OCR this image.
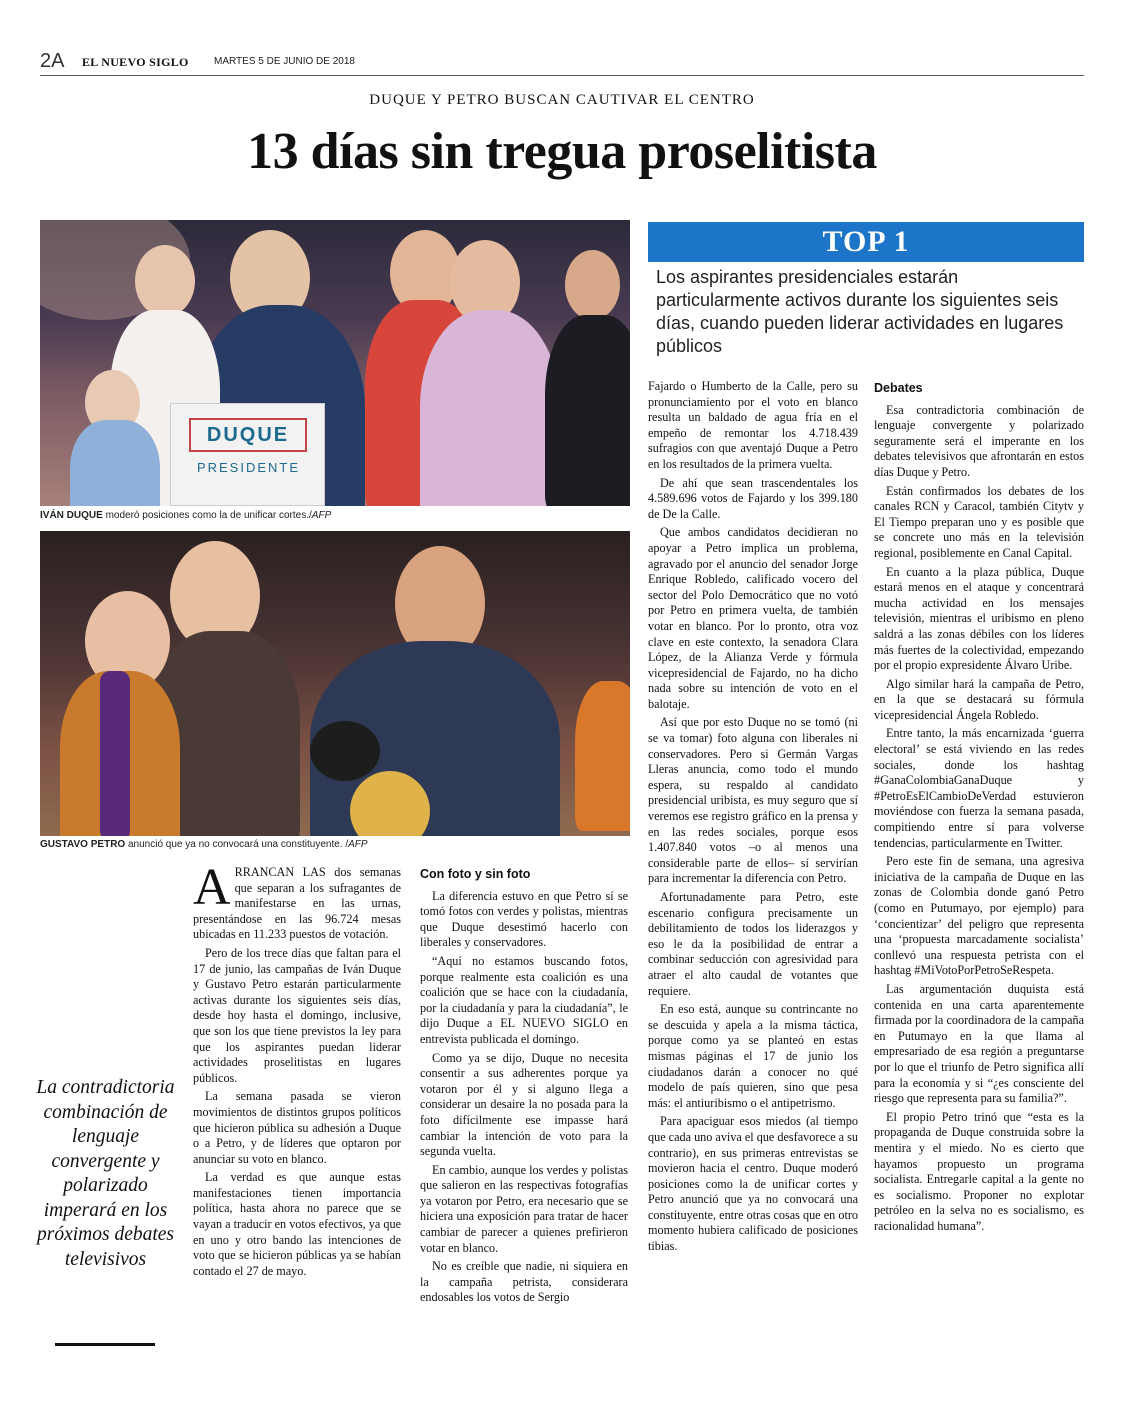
2A EL NUEVO SIGLO	MARTES 5 DE JUNIO DE 2018
DUQUE Y PETRO BUSCAN CAUTIVAR EL CENTRO
13 días sin tregua proselitista
DUQUE
PRESIDENTE
IVÁN DUQUE moderó posiciones como la de unificar cortes./AFP
GUSTAVO PETRO anunció que ya no convocará una constituyente. /AFP
TOP 1
Los aspirantes presidenciales estarán particularmente activos durante los siguientes seis días, cuando pueden liderar actividades en lugares públicos
La contradictoria combinación de lenguaje convergente y polarizado imperará en los próximos debates televisivos

ARRANCAN LAS dos semanas que separan a los sufragantes de manifestarse en las urnas, presentándose en las 96.724 mesas ubicadas en 11.233 puestos de votación.

Pero de los trece días que faltan para el 17 de junio, las campañas de Iván Duque y Gustavo Petro estarán particularmente activas durante los siguientes seis días, desde hoy hasta el domingo, inclusive, que son los que tiene previstos la ley para que los aspirantes puedan liderar actividades proselitistas en lugares públicos.

La semana pasada se vieron movimientos de distintos grupos políticos que hicieron pública su adhesión a Duque o a Petro, y de líderes que optaron por anunciar su voto en blanco.

La verdad es que aunque estas manifestaciones tienen importancia política, hasta ahora no parece que se vayan a traducir en votos efectivos, ya que en uno y otro bando las intenciones de voto que se hicieron públicas ya se habían contado el 27 de mayo.

Con foto y sin foto

La diferencia estuvo en que Petro sí se tomó fotos con verdes y polistas, mientras que Duque desestimó hacerlo con liberales y conservadores.

“Aquí no estamos buscando fotos, porque realmente esta coalición es una coalición que se hace con la ciudadanía, por la ciudadanía y para la ciudadanía”, le dijo Duque a EL NUEVO SIGLO en entrevista publicada el domingo.

Como ya se dijo, Duque no necesita consentir a sus adherentes porque ya votaron por él y si alguno llega a considerar un desaire la no posada para la foto difícilmente ese impasse hará cambiar la intención de voto para la segunda vuelta.

En cambio, aunque los verdes y polistas que salieron en las respectivas fotografías ya votaron por Petro, era necesario que se hiciera una exposición para tratar de hacer cambiar de parecer a quienes prefirieron votar en blanco.

No es creíble que nadie, ni siquiera en la campaña petrista, considerara endosables los votos de Sergio

Fajardo o Humberto de la Calle, pero su pronunciamiento por el voto en blanco resulta un baldado de agua fría en el empeño de remontar los 4.718.439 sufragios con que aventajó Duque a Petro en los resultados de la primera vuelta.

De ahí que sean trascendentales los 4.589.696 votos de Fajardo y los 399.180 de De la Calle.

Que ambos candidatos decidieran no apoyar a Petro implica un problema, agravado por el anuncio del senador Jorge Enrique Robledo, calificado vocero del sector del Polo Democrático que no votó por Petro en primera vuelta, de también votar en blanco. Por lo pronto, otra voz clave en este contexto, la senadora Clara López, de la Alianza Verde y fórmula vicepresidencial de Fajardo, no ha dicho nada sobre su intención de voto en el balotaje.

Así que por esto Duque no se tomó (ni se va tomar) foto alguna con liberales ni conservadores. Pero si Germán Vargas Lleras anuncia, como todo el mundo espera, su respaldo al candidato presidencial uribista, es muy seguro que sí veremos ese registro gráfico en la prensa y en las redes sociales, porque esos 1.407.840 votos –o al menos una considerable parte de ellos– sí servirían para incrementar la diferencia con Petro.

Afortunadamente para Petro, este escenario configura precisamente un debilitamiento de todos los liderazgos y eso le da la posibilidad de entrar a combinar seducción con agresividad para atraer el alto caudal de votantes que requiere.

En eso está, aunque su contrincante no se descuida y apela a la misma táctica, porque como ya se planteó en estas mismas páginas el 17 de junio los ciudadanos darán a conocer no qué modelo de país quieren, sino que pesa más: el antiuribismo o el antipetrismo.

Para apaciguar esos miedos (al tiempo que cada uno aviva el que desfavorece a su contrario), en sus primeras entrevistas se movieron hacia el centro. Duque moderó posiciones como la de unificar cortes y Petro anunció que ya no convocará una constituyente, entre otras cosas que en otro momento hubiera calificado de posiciones tibias.

Debates

Esa contradictoria combinación de lenguaje convergente y polarizado seguramente será el imperante en los debates televisivos que afrontarán en estos días Duque y Petro.

Están confirmados los debates de los canales RCN y Caracol, también Citytv y El Tiempo preparan uno y es posible que se concrete uno más en la televisión regional, posiblemente en Canal Capital.

En cuanto a la plaza pública, Duque estará menos en el ataque y concentrará mucha actividad en los mensajes televisión, mientras el uribismo en pleno saldrá a las zonas débiles con los líderes más fuertes de la colectividad, empezando por el propio expresidente Álvaro Uribe.

Algo similar hará la campaña de Petro, en la que se destacará su fórmula vicepresidencial Ángela Robledo.

Entre tanto, la más encarnizada ‘guerra electoral’ se está viviendo en las redes sociales, donde los hashtag #GanaColombiaGanaDuque y #PetroEsElCambioDeVerdad estuvieron moviéndose con fuerza la semana pasada, compitiendo entre sí para volverse tendencias, particularmente en Twitter.

Pero este fin de semana, una agresiva iniciativa de la campaña de Duque en las zonas de Colombia donde ganó Petro (como en Putumayo, por ejemplo) para ‘concientizar’ del peligro que representa una ‘propuesta marcadamente socialista’ conllevó una respuesta petrista con el hashtag #MiVotoPorPetroSeRespeta.

Las argumentación duquista está contenida en una carta aparentemente firmada por la coordinadora de la campaña en Putumayo en la que llama al empresariado de esa región a preguntarse por lo que el triunfo de Petro significa allí para la economía y si “¿es consciente del riesgo que representa para su familia?”.

El propio Petro trinó que “esta es la propaganda de Duque construida sobre la mentira y el miedo. No es cierto que hayamos propuesto un programa socialista. Entregarle capital a la gente no es socialismo. Proponer no explotar petróleo en la selva no es socialismo, es racionalidad humana”.
